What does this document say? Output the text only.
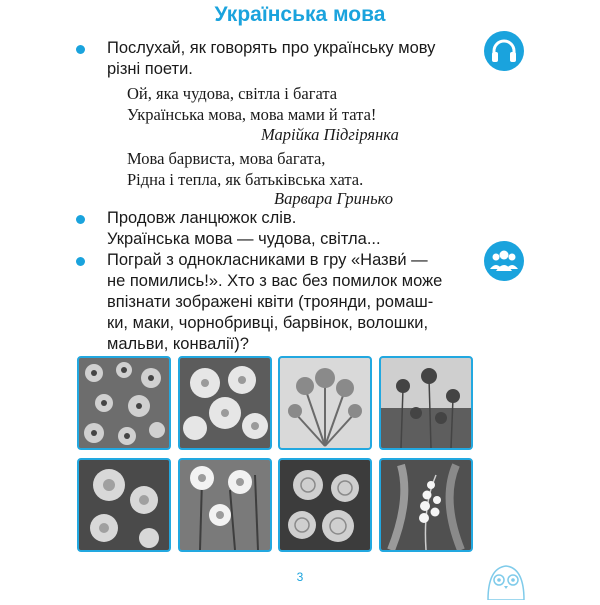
Українська мова
Послухай, як говорять про українську мову
різні поети.
Ой, яка чудова, світла і багата
Українська мова, мова мами й тата!
Марійка Підгірянка
Мова барвиста, мова багата,
Рідна і тепла, як батьківська хата.
Варвара Гринько
Продовж ланцюжок слів.
Українська мова — чудова, світла...
Пограй з однокласниками в гру «Назви́ —
не помились!». Хто з вас без помилок може
впізнати зображені квіти (троянди, ромаш-
ки, маки, чорнобривці, барвінок, волошки,
мальви, конвалії)?
3
